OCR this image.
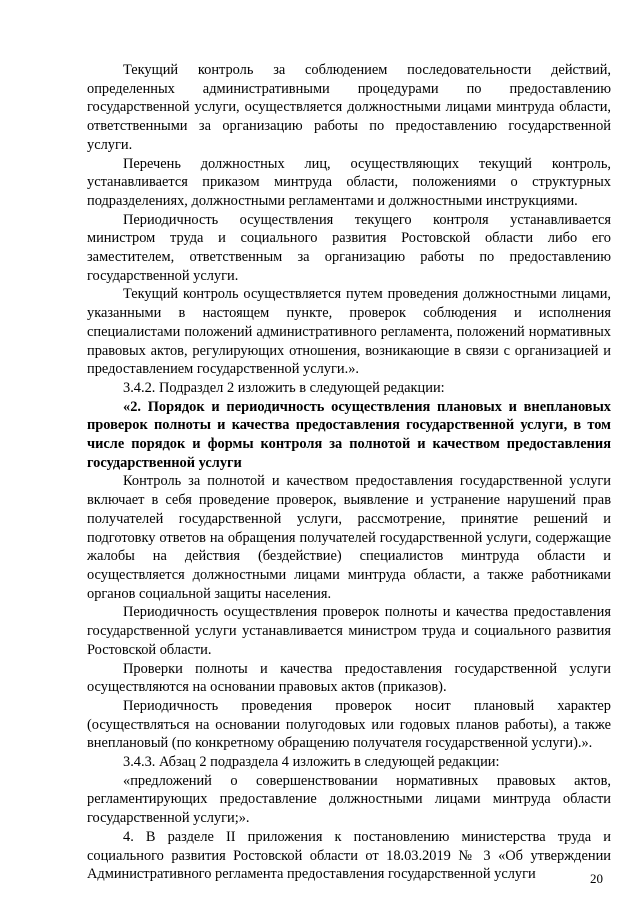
Текущий контроль за соблюдением последовательности действий, определенных административными процедурами по предоставлению государственной услуги, осуществляется должностными лицами минтруда области, ответственными за организацию работы по предоставлению государственной услуги.

Перечень должностных лиц, осуществляющих текущий контроль, устанавливается приказом минтруда области, положениями о структурных подразделениях, должностными регламентами и должностными инструкциями.

Периодичность осуществления текущего контроля устанавливается министром труда и социального развития Ростовской области либо его заместителем, ответственным за организацию работы по предоставлению государственной услуги.

Текущий контроль осуществляется путем проведения должностными лицами, указанными в настоящем пункте, проверок соблюдения и исполнения специалистами положений административного регламента, положений нормативных правовых актов, регулирующих отношения, возникающие в связи с организацией и предоставлением государственной услуги.».

3.4.2. Подраздел 2 изложить в следующей редакции:

«2. Порядок и периодичность осуществления плановых и внеплановых проверок полноты и качества предоставления государственной услуги, в том числе порядок и формы контроля за полнотой и качеством предоставления государственной услуги

Контроль за полнотой и качеством предоставления государственной услуги включает в себя проведение проверок, выявление и устранение нарушений прав получателей государственной услуги, рассмотрение, принятие решений и подготовку ответов на обращения получателей государственной услуги, содержащие жалобы на действия (бездействие) специалистов минтруда области и осуществляется должностными лицами минтруда области, а также работниками органов социальной защиты населения.

Периодичность осуществления проверок полноты и качества предоставления государственной услуги устанавливается министром труда и социального развития Ростовской области.

Проверки полноты и качества предоставления государственной услуги осуществляются на основании правовых актов (приказов).

Периодичность проведения проверок носит плановый характер (осуществляться на основании полугодовых или годовых планов работы), а также внеплановый (по конкретному обращению получателя государственной услуги).».

3.4.3. Абзац 2 подраздела 4 изложить в следующей редакции:

«предложений о совершенствовании нормативных правовых актов, регламентирующих предоставление должностными лицами минтруда области государственной услуги;».

4. В разделе II приложения к постановлению министерства труда и социального развития Ростовской области от 18.03.2019 № 3 «Об утверждении Административного регламента предоставления государственной услуги	20
